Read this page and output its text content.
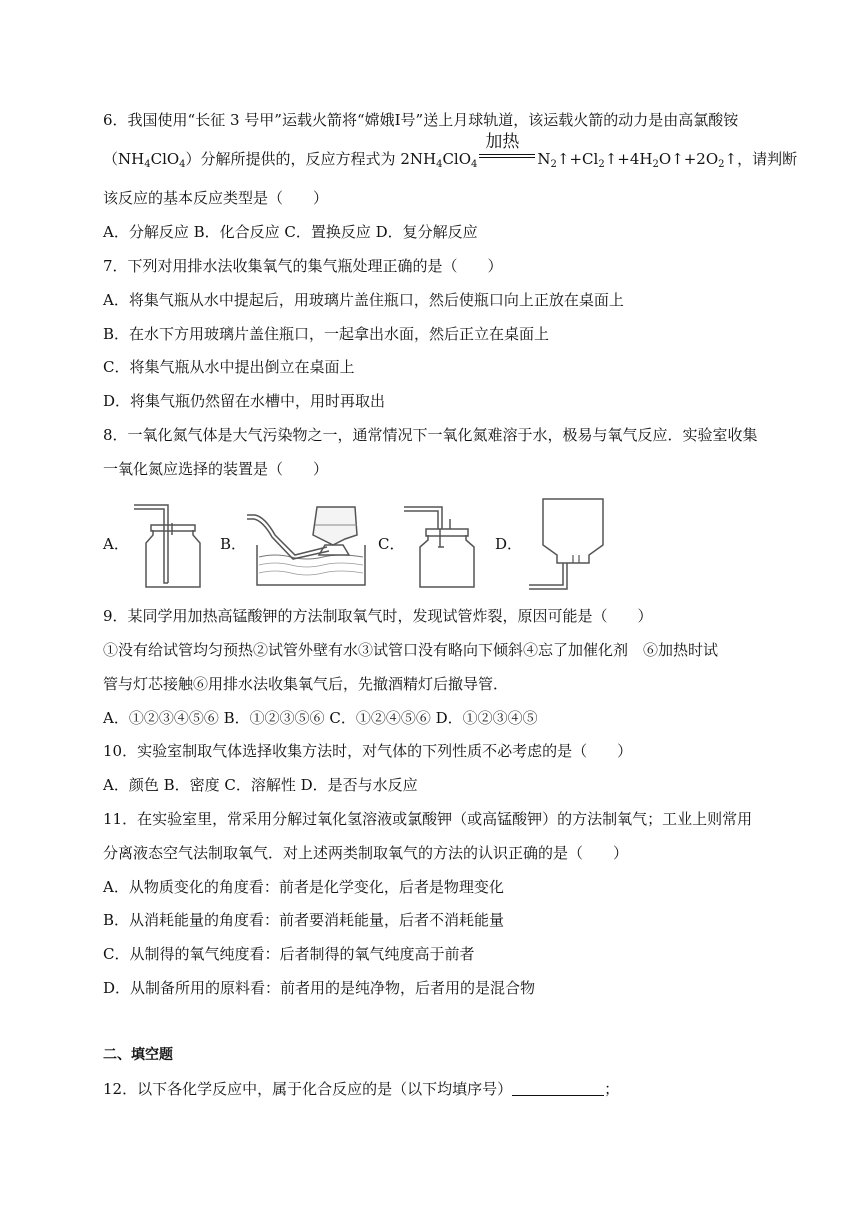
6．我国使用“长征 3 号甲”运载火箭将“嫦娥Ⅰ号”送上月球轨道，该运载火箭的动力是由高氯酸铵
$(NH_4ClO_4)$分解所提供的，反应方程式为 $2NH_4ClO_4$
加热
$N_2↑+Cl_2↑+4H_2O↑+2O_2↑$，请判断
该反应的基本反应类型是（　　）
A．分解反应 B．化合反应 C．置换反应 D．复分解反应
7．下列对用排水法收集氧气的集气瓶处理正确的是（　　）
A．将集气瓶从水中提起后，用玻璃片盖住瓶口，然后使瓶口向上正放在桌面上
B．在水下方用玻璃片盖住瓶口，一起拿出水面，然后正立在桌面上
C．将集气瓶从水中提出倒立在桌面上
D．将集气瓶仍然留在水槽中，用时再取出
8．一氧化氮气体是大气污染物之一，通常情况下一氧化氮难溶于水，极易与氧气反应．实验室收集
一氧化氮应选择的装置是（　　）
A．	B．	C．	D．
9．某同学用加热高锰酸钾的方法制取氧气时，发现试管炸裂，原因可能是（　　）
①没有给试管均匀预热②试管外壁有水③试管口没有略向下倾斜④忘了加催化剂　⑥加热时试
管与灯芯接触⑥用排水法收集氧气后，先撤酒精灯后撤导管．
A．①②③④⑤⑥ B．①②③⑤⑥ C．①②④⑤⑥ D．①②③④⑤
10．实验室制取气体选择收集方法时，对气体的下列性质不必考虑的是（　　）
A．颜色 B．密度 C．溶解性 D．是否与水反应
11．在实验室里，常采用分解过氧化氢溶液或氯酸钾（或高锰酸钾）的方法制氧气；工业上则常用
分离液态空气法制取氧气．对上述两类制取氧气的方法的认识正确的是（　　）
A．从物质变化的角度看：前者是化学变化，后者是物理变化
B．从消耗能量的角度看：前者要消耗能量，后者不消耗能量
C．从制得的氧气纯度看：后者制得的氧气纯度高于前者
D．从制备所用的原料看：前者用的是纯净物，后者用的是混合物
二、填空题
12．以下各化学反应中，属于化合反应的是（以下均填序号）	；
